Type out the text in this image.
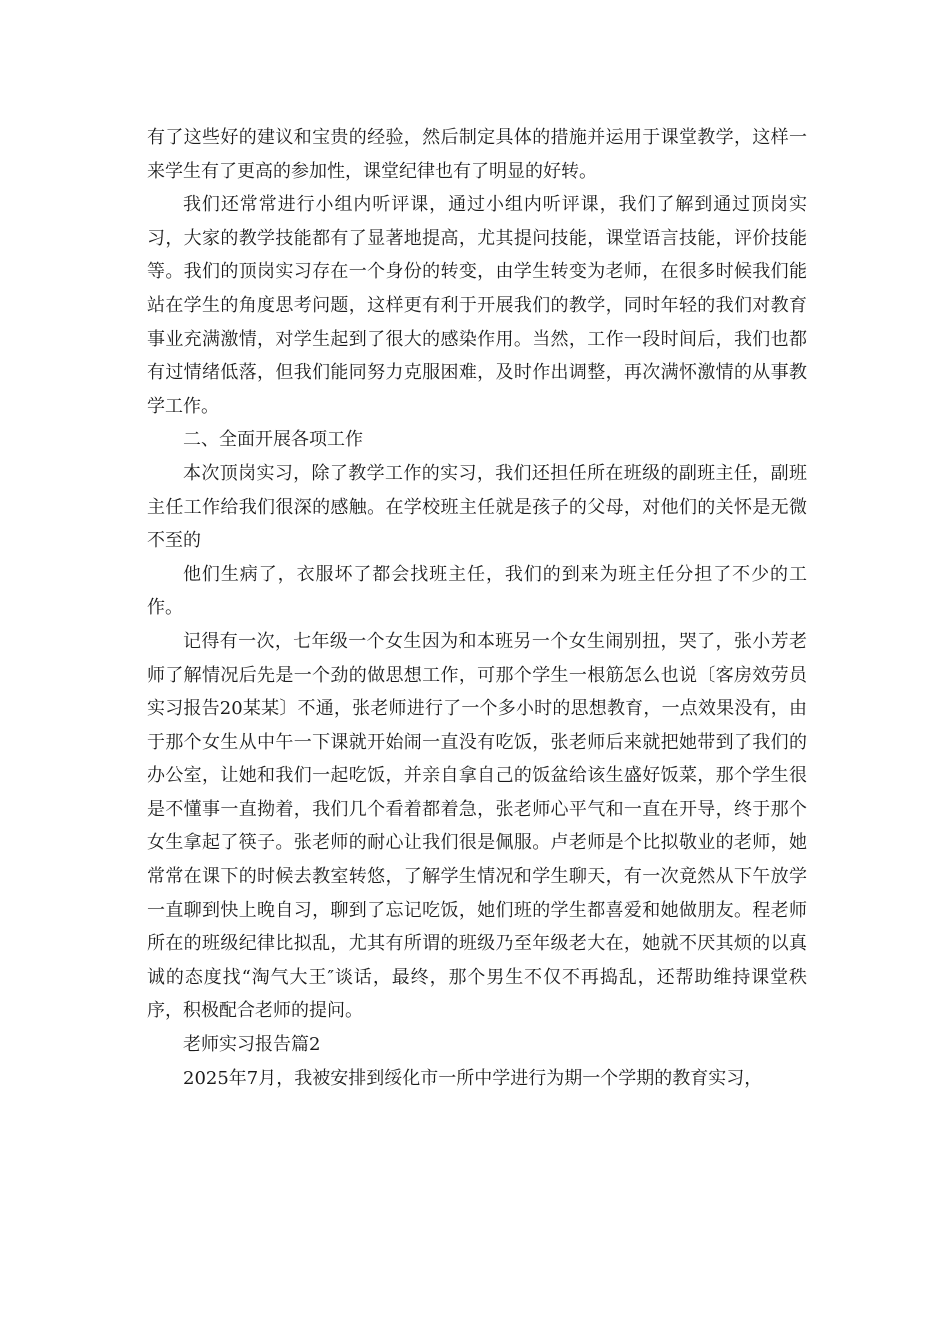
有了这些好的建议和宝贵的经验，然后制定具体的措施并运用于课堂教学，这样一来学生有了更高的参加性，课堂纪律也有了明显的好转。

我们还常常进行小组内听评课，通过小组内听评课，我们了解到通过顶岗实习，大家的教学技能都有了显著地提高，尤其提问技能，课堂语言技能，评价技能等。我们的顶岗实习存在一个身份的转变，由学生转变为老师，在很多时候我们能站在学生的角度思考问题，这样更有利于开展我们的教学，同时年轻的我们对教育事业充满激情，对学生起到了很大的感染作用。当然，工作一段时间后，我们也都有过情绪低落，但我们能同努力克服困难，及时作出调整，再次满怀激情的从事教学工作。

二、全面开展各项工作

本次顶岗实习，除了教学工作的实习，我们还担任所在班级的副班主任，副班主任工作给我们很深的感触。在学校班主任就是孩子的父母，对他们的关怀是无微不至的

他们生病了，衣服坏了都会找班主任，我们的到来为班主任分担了不少的工作。

记得有一次，七年级一个女生因为和本班另一个女生闹别扭，哭了，张小芳老师了解情况后先是一个劲的做思想工作，可那个学生一根筋怎么也说〔客房效劳员实习报告20某某〕不通，张老师进行了一个多小时的思想教育，一点效果没有，由于那个女生从中午一下课就开始闹一直没有吃饭，张老师后来就把她带到了我们的办公室，让她和我们一起吃饭，并亲自拿自己的饭盆给该生盛好饭菜，那个学生很是不懂事一直拗着，我们几个看着都着急，张老师心平气和一直在开导，终于那个女生拿起了筷子。张老师的耐心让我们很是佩服。卢老师是个比拟敬业的老师，她常常在课下的时候去教室转悠，了解学生情况和学生聊天，有一次竟然从下午放学一直聊到快上晚自习，聊到了忘记吃饭，她们班的学生都喜爱和她做朋友。程老师所在的班级纪律比拟乱，尤其有所谓的班级乃至年级老大在，她就不厌其烦的以真诚的态度找“淘气大王″谈话，最终，那个男生不仅不再捣乱，还帮助维持课堂秩序，积极配合老师的提问。

老师实习报告篇2

2025年7月，我被安排到绥化市一所中学进行为期一个学期的教育实习，
